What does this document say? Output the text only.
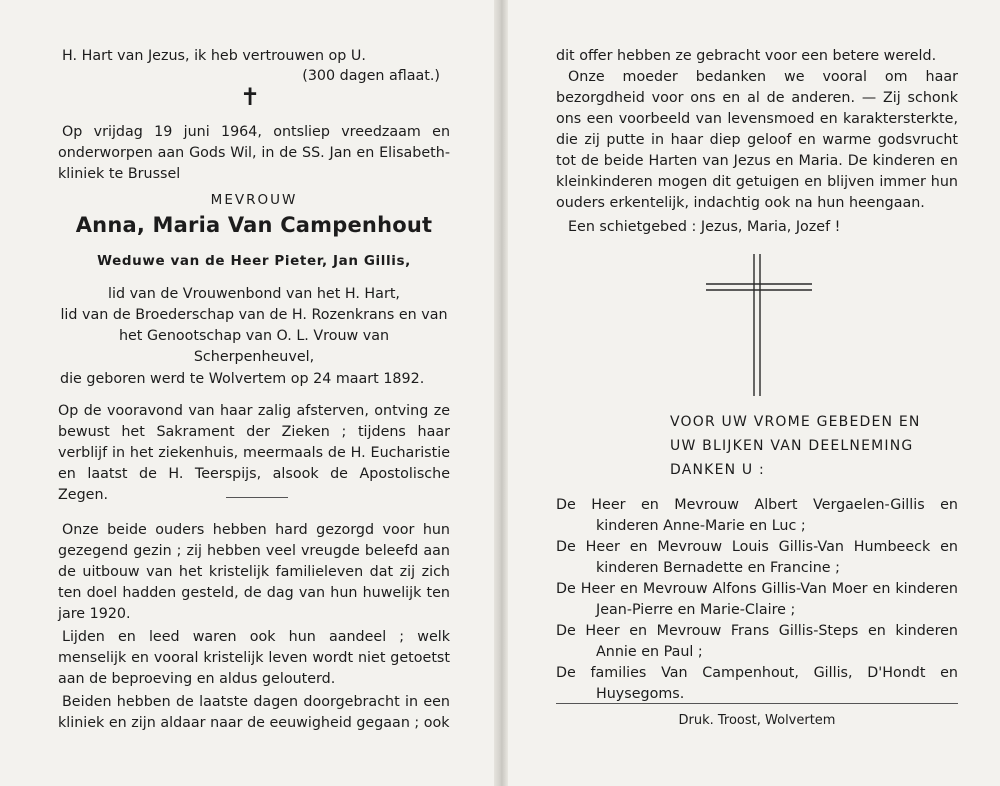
H. Hart van Jezus, ik heb vertrouwen op U.
(300 dagen aflaat.)
✝

Op vrijdag 19 juni 1964, ontsliep vreedzaam en onderworpen aan Gods Wil, in de SS. Jan en Elisabeth-kliniek te Brussel

MEVROUW
Anna, Maria Van Campenhout
Weduwe van de Heer Pieter, Jan Gillis,
lid van de Vrouwenbond van het H. Hart,
lid van de Broederschap van de H. Rozenkrans en van
het Genootschap van O. L. Vrouw van Scherpenheuvel,
die geboren werd te Wolvertem op 24 maart 1892.

Op de vooravond van haar zalig afsterven, ontving ze bewust het Sakrament der Zieken ; tijdens haar verblijf in het ziekenhuis, meermaals de H. Eucharistie en laatst de H. Teerspijs, alsook de Apostolische Zegen.

Onze beide ouders hebben hard gezorgd voor hun gezegend gezin ; zij hebben veel vreugde beleefd aan de uitbouw van het kristelijk familieleven dat zij zich ten doel hadden gesteld, de dag van hun huwelijk ten jare 1920.

Lijden en leed waren ook hun aandeel ; welk menselijk en vooral kristelijk leven wordt niet getoetst aan de beproeving en aldus gelouterd.

Beiden hebben de laatste dagen doorgebracht in een kliniek en zijn aldaar naar de eeuwigheid gegaan ; ook

dit offer hebben ze gebracht voor een betere wereld.

Onze moeder bedanken we vooral om haar bezorgdheid voor ons en al de anderen. — Zij schonk ons een voorbeeld van levensmoed en karaktersterkte, die zij putte in haar diep geloof en warme godsvrucht tot de beide Harten van Jezus en Maria. De kinderen en kleinkinderen mogen dit getuigen en blijven immer hun ouders erkentelijk, indachtig ook na hun heengaan.

Een schietgebed : Jezus, Maria, Jozef !
VOOR UW VROME GEBEDEN EN
UW BLIJKEN VAN DEELNEMING
DANKEN U :

De Heer en Mevrouw Albert Vergaelen-Gillis en kinderen Anne-Marie en Luc ;

De Heer en Mevrouw Louis Gillis-Van Humbeeck en kinderen Bernadette en Francine ;

De Heer en Mevrouw Alfons Gillis-Van Moer en kinderen Jean-Pierre en Marie-Claire ;

De Heer en Mevrouw Frans Gillis-Steps en kinderen Annie en Paul ;

De families Van Campenhout, Gillis, D'Hondt en Huysegoms.

Druk. Troost, Wolvertem
